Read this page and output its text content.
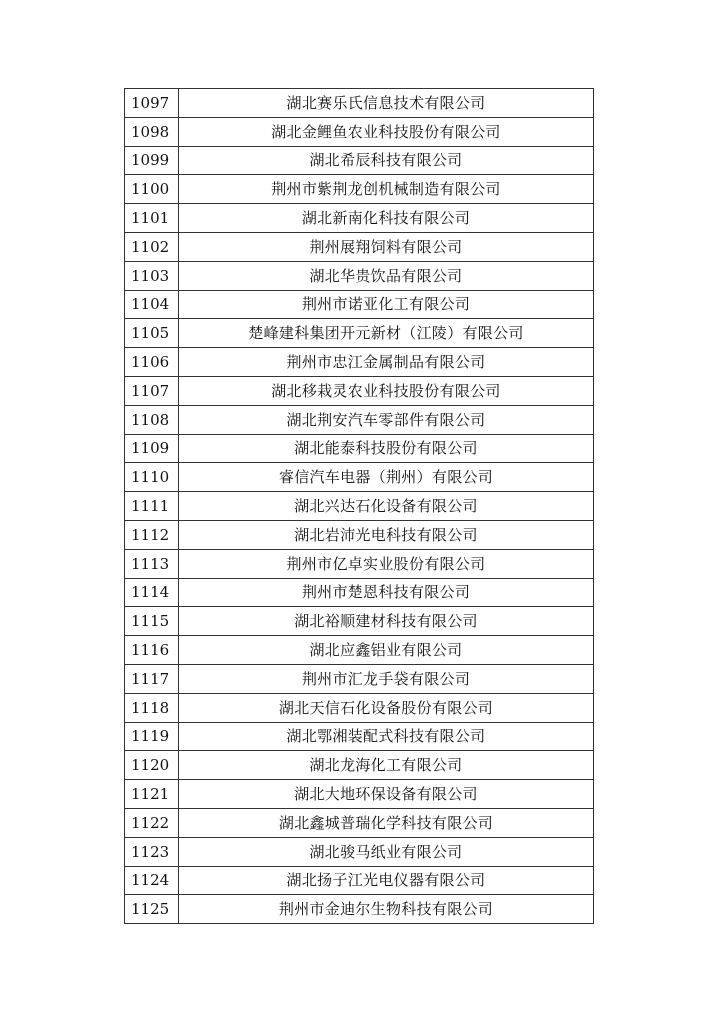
1097	湖北赛乐氏信息技术有限公司
1098	湖北金鲤鱼农业科技股份有限公司
1099	湖北希辰科技有限公司
1100	荆州市紫荆龙创机械制造有限公司
1101	湖北新南化科技有限公司
1102	荆州展翔饲料有限公司
1103	湖北华贵饮品有限公司
1104	荆州市诺亚化工有限公司
1105	楚峰建科集团开元新材（江陵）有限公司
1106	荆州市忠江金属制品有限公司
1107	湖北移栽灵农业科技股份有限公司
1108	湖北荆安汽车零部件有限公司
1109	湖北能泰科技股份有限公司
1110	睿信汽车电器（荆州）有限公司
1111	湖北兴达石化设备有限公司
1112	湖北岩沛光电科技有限公司
1113	荆州市亿卓实业股份有限公司
1114	荆州市楚恩科技有限公司
1115	湖北裕顺建材科技有限公司
1116	湖北应鑫铝业有限公司
1117	荆州市汇龙手袋有限公司
1118	湖北天信石化设备股份有限公司
1119	湖北鄂湘装配式科技有限公司
1120	湖北龙海化工有限公司
1121	湖北大地环保设备有限公司
1122	湖北鑫城普瑞化学科技有限公司
1123	湖北骏马纸业有限公司
1124	湖北扬子江光电仪器有限公司
1125	荆州市金迪尔生物科技有限公司
